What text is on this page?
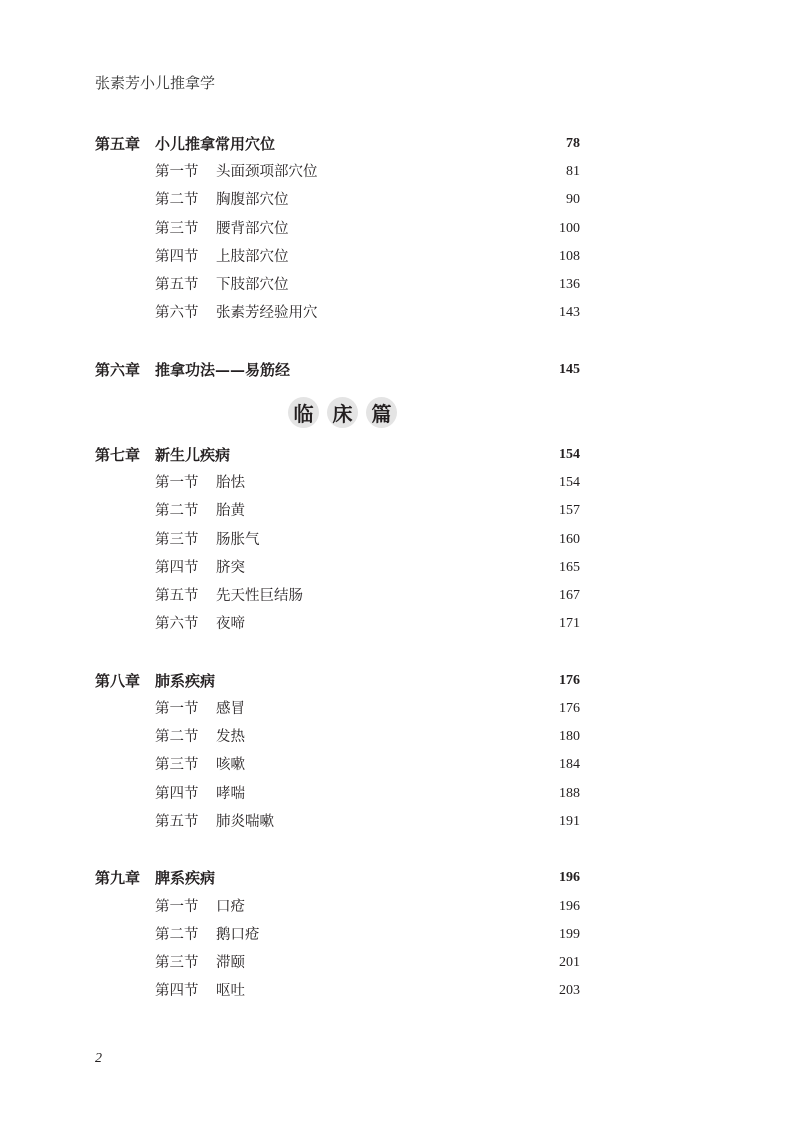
张素芳小儿推拿学
第五章 小儿推拿常用穴位	78
第一节 头面颈项部穴位	81
第二节 胸腹部穴位	90
第三节 腰背部穴位	100
第四节 上肢部穴位	108
第五节 下肢部穴位	136
第六节 张素芳经验用穴	143
第六章 推拿功法——易筋经	145
临 床 篇
第七章 新生儿疾病	154
第一节 胎怯	154
第二节 胎黄	157
第三节 肠胀气	160
第四节 脐突	165
第五节 先天性巨结肠	167
第六节 夜啼	171
第八章 肺系疾病	176
第一节 感冒	176
第二节 发热	180
第三节 咳嗽	184
第四节 哮喘	188
第五节 肺炎喘嗽	191
第九章 脾系疾病	196
第一节 口疮	196
第二节 鹅口疮	199
第三节 滞颐	201
第四节 呕吐	203
2
